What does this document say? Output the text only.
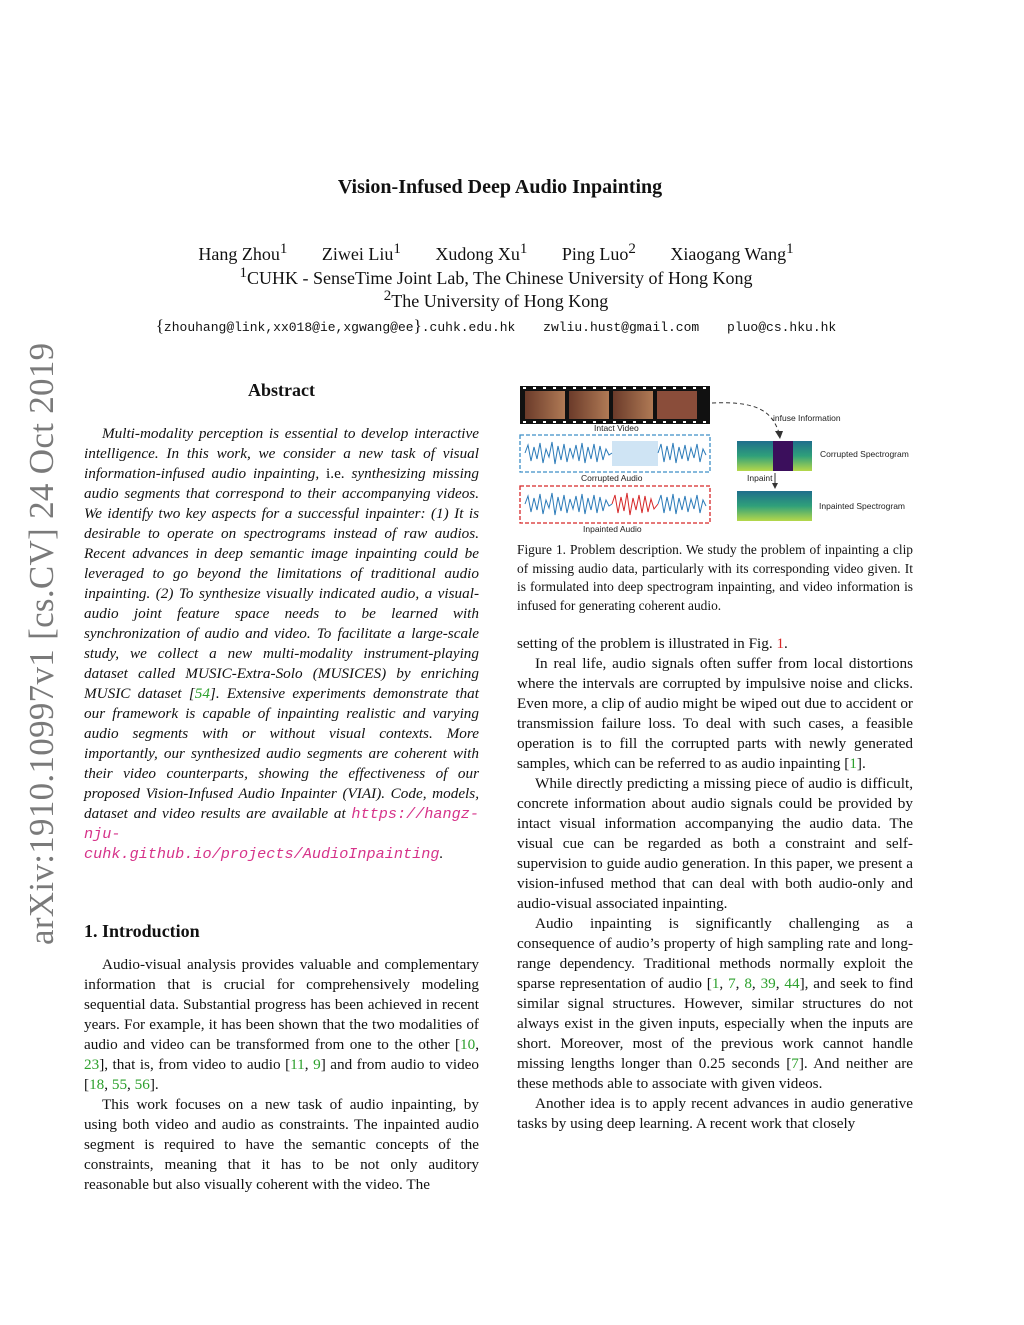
arXiv:1910.10997v1 [cs.CV] 24 Oct 2019
Vision-Infused Deep Audio Inpainting
Hang Zhou$^1$ Ziwei Liu$^1$ Xudong Xu$^1$ Ping Luo$^2$ Xiaogang Wang$^1$
$^1$CUHK - SenseTime Joint Lab, The Chinese University of Hong Kong
$^2$The University of Hong Kong
{zhouhang@link,xx018@ie,xgwang@ee}.cuhk.edu.hk zwliu.hust@gmail.com pluo@cs.hku.hk
Abstract
Multi-modality perception is essential to develop interactive intelligence. In this work, we consider a new task of visual information-infused audio inpainting, i.e. synthesizing missing audio segments that correspond to their accompanying videos. We identify two key aspects for a successful inpainter: (1) It is desirable to operate on spectrograms instead of raw audios. Recent advances in deep semantic image inpainting could be leveraged to go beyond the limitations of traditional audio inpainting. (2) To synthesize visually indicated audio, a visual-audio joint feature space needs to be learned with synchronization of audio and video. To facilitate a large-scale study, we collect a new multi-modality instrument-playing dataset called MUSIC-Extra-Solo (MUSICES) by enriching MUSIC dataset [54]. Extensive experiments demonstrate that our framework is capable of inpainting realistic and varying audio segments with or without visual contexts. More importantly, our synthesized audio segments are coherent with their video counterparts, showing the effectiveness of our proposed Vision-Infused Audio Inpainter (VIAI). Code, models, dataset and video results are available at https://hangz-nju-cuhk.github.io/projects/AudioInpainting.
1. Introduction

Audio-visual analysis provides valuable and complementary information that is crucial for comprehensively modeling sequential data. Substantial progress has been achieved in recent years. For example, it has been shown that the two modalities of audio and video can be transformed from one to the other [10, 23], that is, from video to audio [11, 9] and from audio to video [18, 55, 56].

This work focuses on a new task of audio inpainting, by using both video and audio as constraints. The inpainted audio segment is required to have the semantic concepts of the constraints, meaning that it has to be not only auditory reasonable but also visually coherent with the video. The

Intact Video
infuse Information
Corrupted Audio
Corrupted Spectrogram
Inpaint
Inpainted Spectrogram
Inpainted Audio
Figure 1. Problem description. We study the problem of inpainting a clip of missing audio data, particularly with its corresponding video given. It is formulated into deep spectrogram inpainting, and video information is infused for generating coherent audio.

setting of the problem is illustrated in Fig. 1.

In real life, audio signals often suffer from local distortions where the intervals are corrupted by impulsive noise and clicks. Even more, a clip of audio might be wiped out due to accident or transmission failure loss. To deal with such cases, a feasible operation is to fill the corrupted parts with newly generated samples, which can be referred to as audio inpainting [1].

While directly predicting a missing piece of audio is difficult, concrete information about audio signals could be provided by intact visual information accompanying the audio data. The visual cue can be regarded as both a constraint and self-supervision to guide audio generation. In this paper, we present a vision-infused method that can deal with both audio-only and audio-visual associated inpainting.

Audio inpainting is significantly challenging as a consequence of audio’s property of high sampling rate and long-range dependency. Traditional methods normally exploit the sparse representation of audio [1, 7, 8, 39, 44], and seek to find similar signal structures. However, similar structures do not always exist in the given inputs, especially when the inputs are short. Moreover, most of the previous work cannot handle missing lengths longer than 0.25 seconds [7]. And neither are these methods able to associate with given videos.

Another idea is to apply recent advances in audio generative tasks by using deep learning. A recent work that closely
